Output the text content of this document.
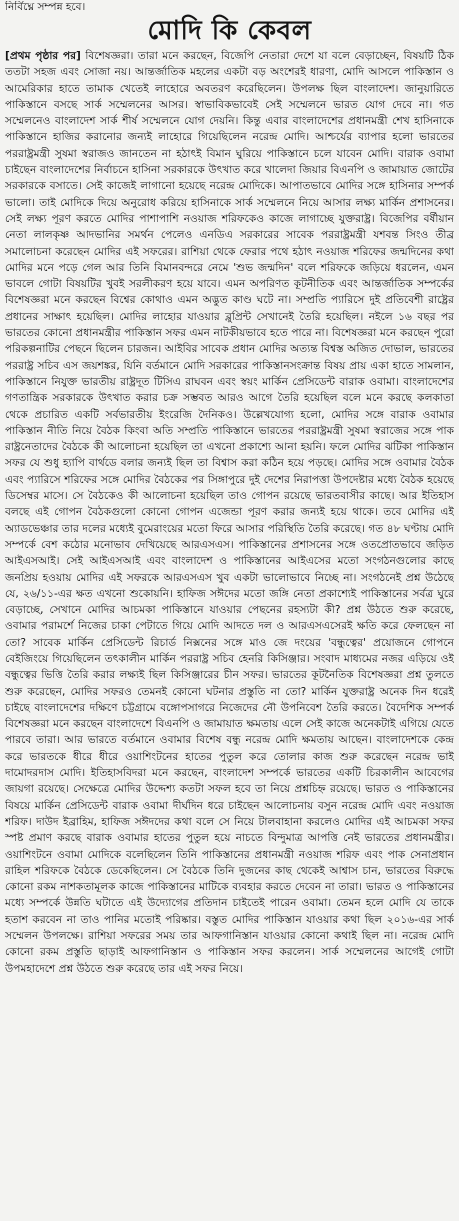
নির্বিঘ্নে সম্পন্ন হবে।
মোদি কি কেবল
[প্রথম পৃষ্ঠার পর] বিশেষজ্ঞরা। তারা মনে করছেন, বিজেপি নেতারা দেশে যা বলে বেড়াচ্ছেন, বিষয়টি ঠিক ততটা সহজ এবং সোজা নয়। আন্তর্জাতিক মহলের একটা বড় অংশেরই ধারণা, মোদি আসলে পাকিস্তান ও আমেরিকার হাতে তামাক খেতেই লাহোরে অবতরণ করেছিলেন। উপলক্ষ ছিল বাংলাদেশ। জানুয়ারিতে পাকিস্তানে বসছে সার্ক সম্মেলনের আসর। স্বাভাবিকভাবেই সেই সম্মেলনে ভারত যোগ দেবে না। গত সম্মেলনেও বাংলাদেশ সার্ক শীর্ষ সম্মেলনে যোগ দেয়নি। কিন্তু এবার বাংলাদেশের প্রধানমন্ত্রী শেখ হাসিনাকে পাকিস্তানে হাজির করানোর জন্যই লাহোরে গিয়েছিলেন নরেন্দ্র মোদি। আশ্চর্যের ব্যাপার হলো ভারতের পররাষ্ট্রমন্ত্রী সুষমা স্বরাজও জানতেন না হঠাৎই বিমান ঘুরিয়ে পাকিস্তানে চলে যাবেন মোদি। বারাক ওবামা চাইছেন বাংলাদেশের নির্বাচনে হাসিনা সরকারকে উৎখাত করে খালেদা জিয়ার বিএনপি ও জামায়াত জোটের সরকারকে বসাতে। সেই কাজেই লাগানো হয়েছে নরেন্দ্র মোদিকে। আপাতভাবে মোদির সঙ্গে হাসিনার সম্পর্ক ভালো। তাই মোদিকে দিয়ে অনুরোধ করিয়ে হাসিনাকে সার্ক সম্মেলনে নিয়ে আসার লক্ষ্য মার্কিন প্রশাসনের। সেই লক্ষ্য পূরণ করতে মোদির পাশাপাশি নওয়াজ শরিফকেও কাজে লাগাচ্ছে যুক্তরাষ্ট্র। বিজেপির বর্ষীয়ান নেতা লালকৃষ্ণ আদভানির সমর্থন পেলেও এনডিএ সরকারের সাবেক পররাষ্ট্রমন্ত্রী যশবন্ত সিংও তীব্র সমালোচনা করেছেন মোদির এই সফরের। রাশিয়া থেকে ফেরার পথে হঠাৎ নওয়াজ শরিফের জন্মদিনের কথা মোদির মনে পড়ে গেল আর তিনি বিমানবন্দরে নেমে 'শুভ জন্মদিন' বলে শরিফকে জড়িয়ে ধরলেন, এমন ভাবলে গোটা বিষয়টির খুবই সরলীকরণ হয়ে যাবে। এমন অপরিণত কূটনীতিক এবং আন্তর্জাতিক সম্পর্কের বিশেষজ্ঞরা মনে করছেন বিশ্বের কোথাও এমন অদ্ভুত কাণ্ড ঘটে না। সম্প্রতি প্যারিসে দুই প্রতিবেশী রাষ্ট্রের প্রধানের সাক্ষাৎ হয়েছিল। মোদির লাহোর যাওয়ার ব্লুপ্রিন্ট সেখানেই তৈরি হয়েছিল। নইলে ১৬ বছর পর ভারতের কোনো প্রধানমন্ত্রীর পাকিস্তান সফর এমন নাটকীয়ভাবে হতে পারে না। বিশেষজ্ঞরা মনে করছেন পুরো পরিকল্পনাটির পেছনে ছিলেন চারজন। আইবির সাবেক প্রধান মোদির অত্যন্ত বিশ্বস্ত অজিত দোভাল, ভারতের পররাষ্ট্র সচিব এস জয়শঙ্কর, যিনি বর্তমানে মোদি সরকারের পাকিস্তানসংক্রান্ত বিষয় প্রায় একা হাতে সামলান, পাকিস্তানে নিযুক্ত ভারতীয় রাষ্ট্রদূত টিসিএ রাঘবন এবং স্বয়ং মার্কিন প্রেসিডেন্ট বারাক ওবামা। বাংলাদেশের গণতান্ত্রিক সরকারকে উৎখাত করার চক্র সম্ভবত আরও আগে তৈরি হয়েছিল বলে মনে করছে কলকাতা থেকে প্রচারিত একটি সর্বভারতীয় ইংরেজি দৈনিকও। উল্লেখযোগ্য হলো, মোদির সঙ্গে বারাক ওবামার পাকিস্তান নীতি নিয়ে বৈঠক কিংবা অতি সম্প্রতি পাকিস্তানে ভারতের পররাষ্ট্রমন্ত্রী সুষমা স্বরাজের সঙ্গে পাক রাষ্ট্রনেতাদের বৈঠকে কী আলোচনা হয়েছিল তা এখনো প্রকাশ্যে আনা হয়নি। ফলে মোদির ঝটিকা পাকিস্তান সফর যে শুধু হ্যাপি বার্থডে বলার জন্যই ছিল তা বিশ্বাস করা কঠিন হয়ে পড়ছে। মোদির সঙ্গে ওবামার বৈঠক এবং প্যারিসে শরিফের সঙ্গে মোদির বৈঠকের পর সিঙ্গাপুরে দুই দেশের নিরাপত্তা উপদেষ্টার মধ্যে বৈঠক হয়েছে ডিসেম্বর মাসে। সে বৈঠকেও কী আলোচনা হয়েছিল তাও গোপন রয়েছে ভারতবাসীর কাছে। আর ইতিহাস বলছে এই গোপন বৈঠকগুলো কোনো গোপন এজেন্ডা পূরণ করার জন্যই হয়ে থাকে। তবে মোদির এই অ্যাডভেঞ্চার তার দলের মধ্যেই বুমেরাংয়ের মতো ফিরে আসার পরিস্থিতি তৈরি করেছে। গত ৪৮ ঘণ্টায় মোদি সম্পর্কে বেশ কঠোর মনোভাব দেখিয়েছে আরএসএস। পাকিস্তানের প্রশাসনের সঙ্গে ওতপ্রোতভাবে জড়িত আইএসআই। সেই আইএসআই এবং বাংলাদেশ ও পাকিস্তানের আইএসের মতো সংগঠনগুলোর কাছে জনপ্রিয় হওয়ায় মোদির এই সফরকে আরএসএস খুব একটা ভালোভাবে নিচ্ছে না। সংগঠনেই প্রশ্ন উঠেছে যে, ২৬/১১-এর ক্ষত এখনো শুকোয়নি। হাফিজ সঈদের মতো জঙ্গি নেতা প্রকাশ্যেই পাকিস্তানের সর্বত্র ঘুরে বেড়াচ্ছে, সেখানে মোদির আচমকা পাকিস্তানে যাওয়ার পেছনের রহস্যটা কী? প্রশ্ন উঠতে শুরু করেছে, ওবামার পরামর্শে নিজের চাকা পেটাতে গিয়ে মোদি আদতে দল ও আরএসএসেরই ক্ষতি করে ফেলছেন না তো? সাবেক মার্কিন প্রেসিডেন্ট রিচার্ড নিক্সনের সঙ্গে মাও জে দংয়ের 'বন্ধুত্বের' প্রয়োজনে গোপনে বেইজিংয়ে গিয়েছিলেন তৎকালীন মার্কিন পররাষ্ট্র সচিব হেনরি কিসিঞ্জার। সংবাদ মাধ্যমের নজর এড়িয়ে ওই বন্ধুত্বের ভিত্তি তৈরি করার লক্ষ্যই ছিল কিসিঞ্জারের চীন সফর। ভারতের কূটনৈতিক বিশেষজ্ঞরা প্রশ্ন তুলতে শুরু করেছেন, মোদির সফরও তেমনই কোনো ঘটনার প্রস্তুতি না তো? মার্কিন যুক্তরাষ্ট্র অনেক দিন ধরেই চাইছে বাংলাদেশের দক্ষিণে চট্টগ্রামে বঙ্গোপসাগরে নিজেদের নৌ উপনিবেশ তৈরি করতে। বৈদেশিক সম্পর্ক বিশেষজ্ঞরা মনে করছেন বাংলাদেশে বিএনপি ও জামায়াত ক্ষমতায় এলে সেই কাজে অনেকটাই এগিয়ে যেতে পারবে তারা। আর ভারতে বর্তমানে ওবামার বিশেষ বন্ধু নরেন্দ্র মোদি ক্ষমতায় আছেন। বাংলাদেশকে কেন্দ্র করে ভারতকে ধীরে ধীরে ওয়াশিংটনের হাতের পুতুল করে তোলার কাজ শুরু করেছেন নরেন্দ্র ভাই দামোদরদাস মোদি। ইতিহাসবিদরা মনে করছেন, বাংলাদেশ সম্পর্কে ভারতের একটি চিরকালীন আবেগের জায়গা রয়েছে। সেক্ষেত্রে মোদির উদ্দেশ্য কতটা সফল হবে তা নিয়ে প্রশ্নচিহ্ন রয়েছে। ভারত ও পাকিস্তানের বিষয়ে মার্কিন প্রেসিডেন্ট বারাক ওবামা দীর্ঘদিন ধরে চাইছেন আলোচনায় বসুন নরেন্দ্র মোদি এবং নওয়াজ শরিফ। দাউদ ইব্রাহিম, হাফিজ সঈদদের কথা বলে সে নিয়ে টালবাহানা করলেও মোদির এই আচমকা সফর স্পষ্ট প্রমাণ করছে বারাক ওবামার হাতের পুতুল হয়ে নাচতে বিন্দুমাত্র আপত্তি নেই ভারতের প্রধানমন্ত্রীর। ওয়াশিংটনে ওবামা মোদিকে বলেছিলেন তিনি পাকিস্তানের প্রধানমন্ত্রী নওয়াজ শরিফ এবং পাক সেনাপ্রধান রাহিল শরিফকে বৈঠকে ডেকেছিলেন। সে বৈঠকে তিনি দুজনের কাছ থেকেই আশ্বাস চান, ভারতের বিরুদ্ধে কোনো রকম নাশকতামূলক কাজে পাকিস্তানের মাটিকে ব্যবহার করতে দেবেন না তারা। ভারত ও পাকিস্তানের মধ্যে সম্পর্কে উন্নতি ঘটাতে এই উদ্যোগের প্রতিদান চাইতেই পারেন ওবামা। তেমন হলে মোদি যে তাকে হতাশ করবেন না তাও পানির মতোই পরিষ্কার। বস্তুত মোদির পাকিস্তান যাওয়ার কথা ছিল ২০১৬-এর সার্ক সম্মেলন উপলক্ষে। রাশিয়া সফরের সময় তার আফগানিস্তান যাওয়ার কোনো কথাই ছিল না। নরেন্দ্র মোদি কোনো রকম প্রস্তুতি ছাড়াই আফগানিস্তান ও পাকিস্তান সফর করলেন। সার্ক সম্মেলনের আগেই গোটা উপমহাদেশে প্রশ্ন উঠতে শুরু করেছে তার এই সফর নিয়ে।
